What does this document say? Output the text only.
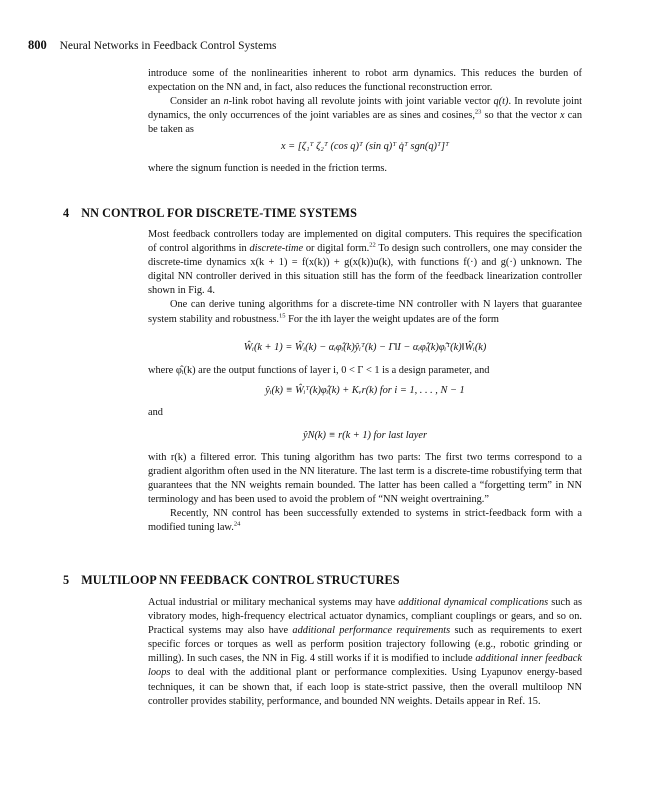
800 Neural Networks in Feedback Control Systems

introduce some of the nonlinearities inherent to robot arm dynamics. This reduces the burden of expectation on the NN and, in fact, also reduces the functional reconstruction error.

Consider an n-link robot having all revolute joints with joint variable vector q(t). In revolute joint dynamics, the only occurrences of the joint variables are as sines and cosines,$^{23}$ so that the vector x can be taken as

x = [ζ₁ᵀ ζ₂ᵀ (cos q)ᵀ (sin q)ᵀ q̇ᵀ sgn(q)ᵀ]ᵀ

where the signum function is needed in the friction terms.

4 NN CONTROL FOR DISCRETE-TIME SYSTEMS

Most feedback controllers today are implemented on digital computers. This requires the specification of control algorithms in discrete-time or digital form.$^{22}$ To design such controllers, one may consider the discrete-time dynamics x(k + 1) = f(x(k)) + g(x(k))u(k), with functions f(·) and g(·) unknown. The digital NN controller derived in this situation still has the form of the feedback linearization controller shown in Fig. 4.

One can derive tuning algorithms for a discrete-time NN controller with N layers that guarantee system stability and robustness.$^{15}$ For the ith layer the weight updates are of the form

Ŵᵢ(k + 1) = Ŵᵢ(k) − αᵢφ̂ᵢ(k)ŷᵢᵀ(k) − Γ‖I − αᵢφ̂ᵢ(k)φ̂ᵢᵀ(k)‖Ŵᵢ(k)

where φ̂ᵢ(k) are the output functions of layer i, 0 < Γ < 1 is a design parameter, and

ŷᵢ(k) ≡ Ŵᵢᵀ(k)φ̂ᵢ(k) + Kᵥr(k) for i = 1, . . . , N − 1
and
ŷN(k) ≡ r(k + 1) for last layer

with r(k) a filtered error. This tuning algorithm has two parts: The first two terms correspond to a gradient algorithm often used in the NN literature. The last term is a discrete-time robustifying term that guarantees that the NN weights remain bounded. The latter has been called a “forgetting term” in NN terminology and has been used to avoid the problem of “NN weight overtraining.”

Recently, NN control has been successfully extended to systems in strict-feedback form with a modified tuning law.$^{24}$

5 MULTILOOP NN FEEDBACK CONTROL STRUCTURES

Actual industrial or military mechanical systems may have additional dynamical complications such as vibratory modes, high-frequency electrical actuator dynamics, compliant couplings or gears, and so on. Practical systems may also have additional performance requirements such as requirements to exert specific forces or torques as well as perform position trajectory following (e.g., robotic grinding or milling). In such cases, the NN in Fig. 4 still works if it is modified to include additional inner feedback loops to deal with the additional plant or performance complexities. Using Lyapunov energy-based techniques, it can be shown that, if each loop is state-strict passive, then the overall multiloop NN controller provides stability, performance, and bounded NN weights. Details appear in Ref. 15.
